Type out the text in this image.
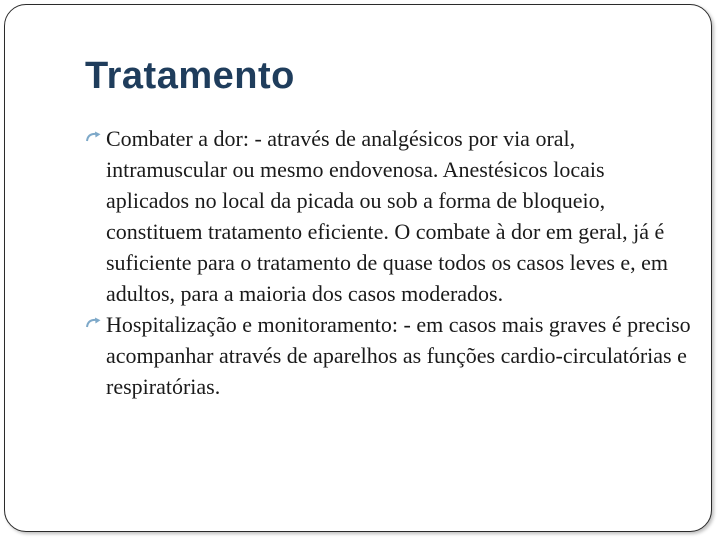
Tratamento

Combater a dor: - através de analgésicos por via oral, intramuscular ou mesmo endovenosa. Anestésicos locais aplicados no local da picada ou sob a forma de bloqueio, constituem tratamento eficiente. O combate à dor em geral, já é suficiente para o tratamento de quase todos os casos leves e, em adultos, para a maioria dos casos moderados.

Hospitalização e monitoramento: - em casos mais graves é preciso acompanhar através de aparelhos as funções cardio-circulatórias e respiratórias.
